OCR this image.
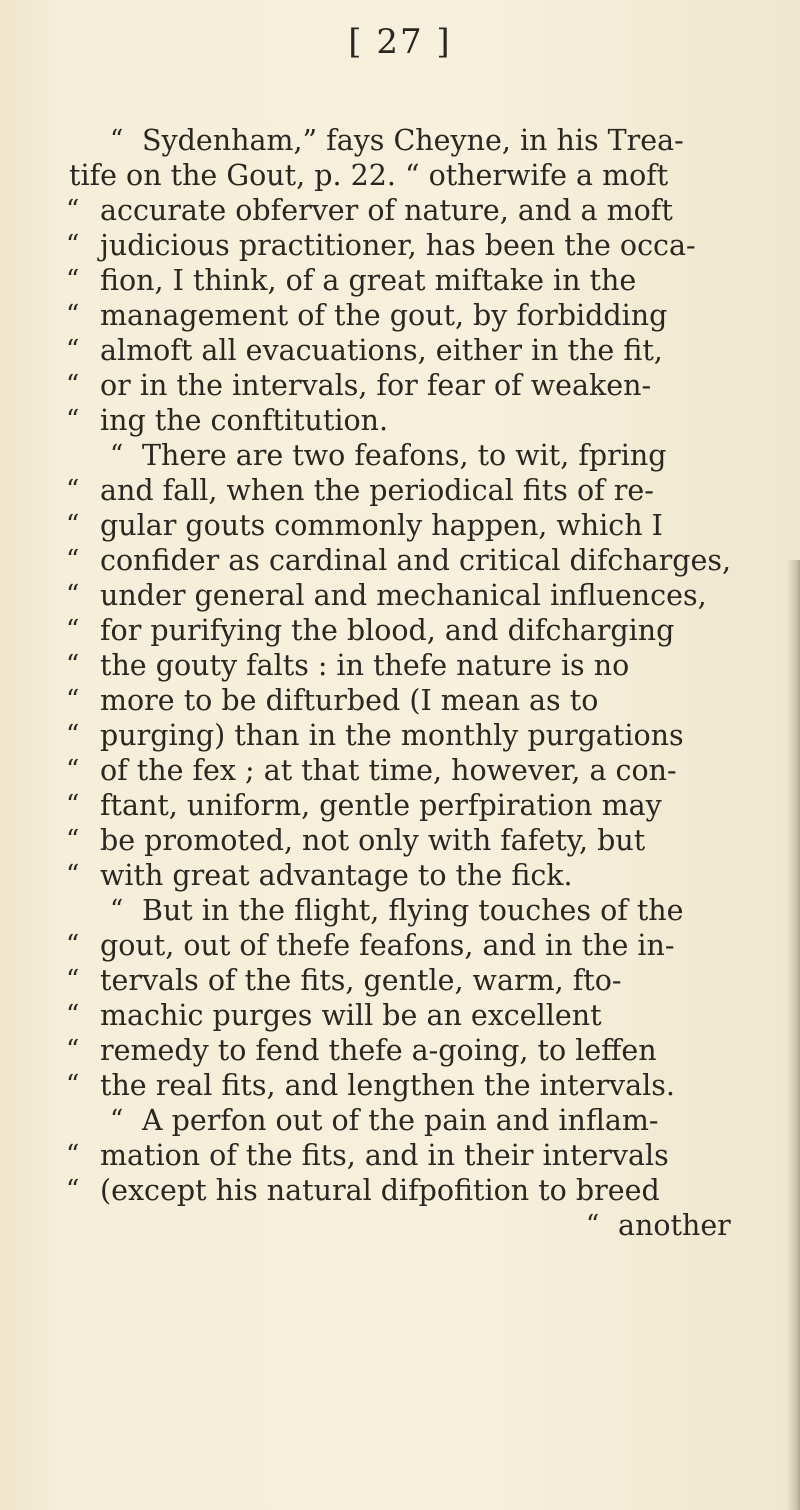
[ 27 ]
“ Sydenham,” fays Cheyne, in his Trea-
tife on the Gout, p. 22. “ otherwife a moft
“ accurate obferver of nature, and a moft
“ judicious practitioner, has been the occa-
“ fion, I think, of a great miftake in the
“ management of the gout, by forbidding
“ almoft all evacuations, either in the fit,
“ or in the intervals, for fear of weaken-
“ ing the conftitution.
“ There are two feafons, to wit, fpring
“ and fall, when the periodical fits of re-
“ gular gouts commonly happen, which I
“ confider as cardinal and critical difcharges,
“ under general and mechanical influences,
“ for purifying the blood, and difcharging
“ the gouty falts : in thefe nature is no
“ more to be difturbed (I mean as to
“ purging) than in the monthly purgations
“ of the fex ; at that time, however, a con-
“ ftant, uniform, gentle perfpiration may
“ be promoted, not only with fafety, but
“ with great advantage to the fick.
“ But in the flight, flying touches of the
“ gout, out of thefe feafons, and in the in-
“ tervals of the fits, gentle, warm, fto-
“ machic purges will be an excellent
“ remedy to fend thefe a-going, to leffen
“ the real fits, and lengthen the intervals.
“ A perfon out of the pain and inflam-
“ mation of the fits, and in their intervals
“ (except his natural difpofition to breed
“ another
